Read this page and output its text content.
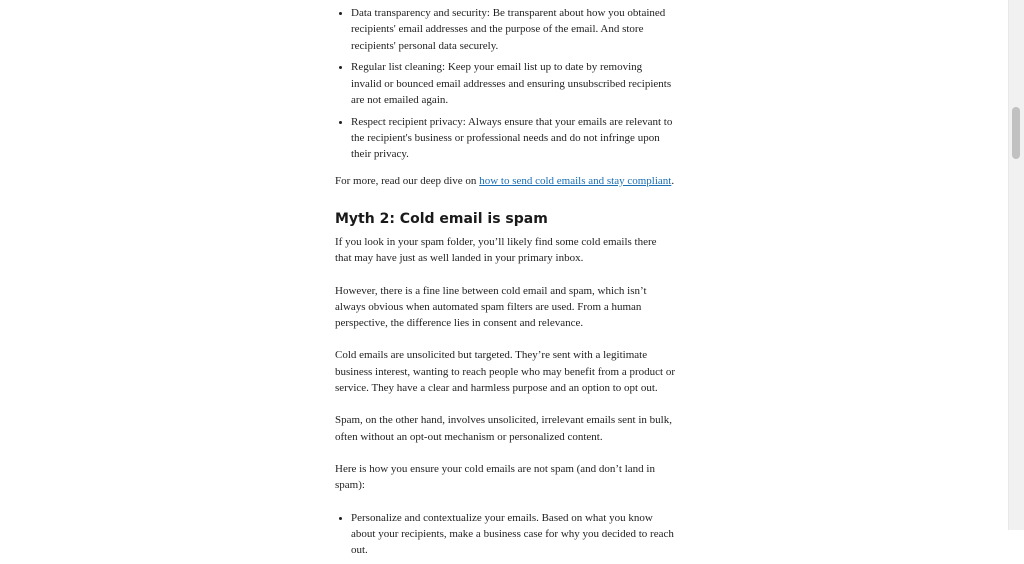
• Data transparency and security: Be transparent about how you obtained recipients' email addresses and the purpose of the email. And store recipients' personal data securely.
• Regular list cleaning: Keep your email list up to date by removing invalid or bounced email addresses and ensuring unsubscribed recipients are not emailed again.
• Respect recipient privacy: Always ensure that your emails are relevant to the recipient's business or professional needs and do not infringe upon their privacy.

For more, read our deep dive on how to send cold emails and stay compliant.

Myth 2: Cold email is spam

If you look in your spam folder, you’ll likely find some cold emails there that may have just as well landed in your primary inbox.

However, there is a fine line between cold email and spam, which isn’t always obvious when automated spam filters are used. From a human perspective, the difference lies in consent and relevance.

Cold emails are unsolicited but targeted. They’re sent with a legitimate business interest, wanting to reach people who may benefit from a product or service. They have a clear and harmless purpose and an option to opt out.

Spam, on the other hand, involves unsolicited, irrelevant emails sent in bulk, often without an opt-out mechanism or personalized content.

Here is how you ensure your cold emails are not spam (and don’t land in spam):

• Personalize and contextualize your emails. Based on what you know about your recipients, make a business case for why you decided to reach out.
